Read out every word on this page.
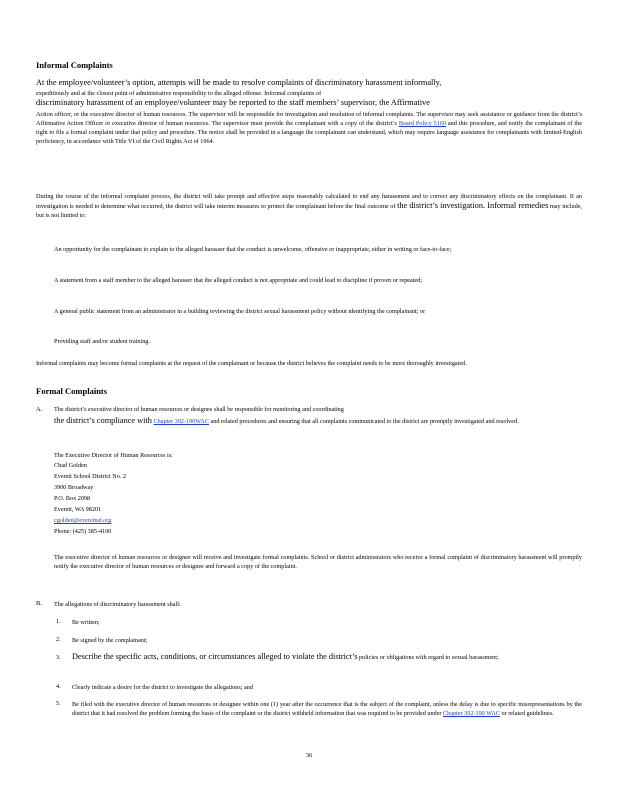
Informal Complaints
At the employee/volunteer’s option, attempts will be made to resolve complaints of discriminatory harassment informally,
expeditiously and at the closest point of administrative responsibility to the alleged offense. Informal complaints of
discriminatory harassment of an employee/volunteer may be reported to the staff members’ supervisor, the Affirmative
Action officer, or the executive director of human resources. The supervisor will be responsible for investigation and resolution of informal complaints. The supervisor may seek assistance or guidance from the district’s Affirmative Action Officer or executive director of human resources. The supervisor must provide the complainant with a copy of the district’s Board Policy 5160 and this procedure, and notify the complainant of the right to file a formal complaint under that policy and procedure. The notice shall be provided in a language the complainant can understand, which may require language assistance for complainants with limited-English proficiency, in accordance with Title VI of the Civil Rights Act of 1964.
During the course of the informal complaint process, the district will take prompt and effective steps reasonably calculated to end any harassment and to correct any discriminatory effects on the complainant. If an investigation is needed to determine what occurred, the district will take interim measures to protect the complainant before the final outcome of the district’s investigation. Informal remedies may include, but is not limited to:
An opportunity for the complainant to explain to the alleged harasser that the conduct is unwelcome, offensive or inappropriate, either in writing or face-to-face;
A statement from a staff member to the alleged harasser that the alleged conduct is not appropriate and could lead to discipline if proven or repeated;
A general public statement from an administrator in a building reviewing the district sexual harassment policy without identifying the complainant; or
Providing staff and/or student training.
Informal complaints may become formal complaints at the request of the complainant or because the district believes the complaint needs to be more thoroughly investigated.
Formal Complaints
A. The district’s executive director of human resources or designee shall be responsible for monitoring and coordinating
the district’s compliance with Chapter 392-190WAC and related procedures and ensuring that all complaints communicated to the district are promptly investigated and resolved.
The Executive Director of Human Resources is:
Chad Golden
Everett School District No. 2
3900 Broadway
P.O. Box 2098
Everett, WA 98201
cgolden@everettsd.org
Phone: (425) 385-4100
The executive director of human resources or designee will receive and investigate formal complaints. School or district administrators who receive a formal complaint of discriminatory harassment will promptly notify the executive director of human resources or designee and forward a copy of the complaint.
B. The allegations of discriminatory harassment shall:
1. Be written;
2. Be signed by the complainant;
3. Describe the specific acts, conditions, or circumstances alleged to violate the district’s policies or obligations with regard to sexual harassment;
4. Clearly indicate a desire for the district to investigate the allegations; and
5. Be filed with the executive director of human resources or designee within one (1) year after the occurrence that is the subject of the complaint, unless the delay is due to specific misrepresentations by the district that it had resolved the problem forming the basis of the complaint or the district withheld information that was required to be provided under Chapter 392-190 WAC or related guidelines.
36
